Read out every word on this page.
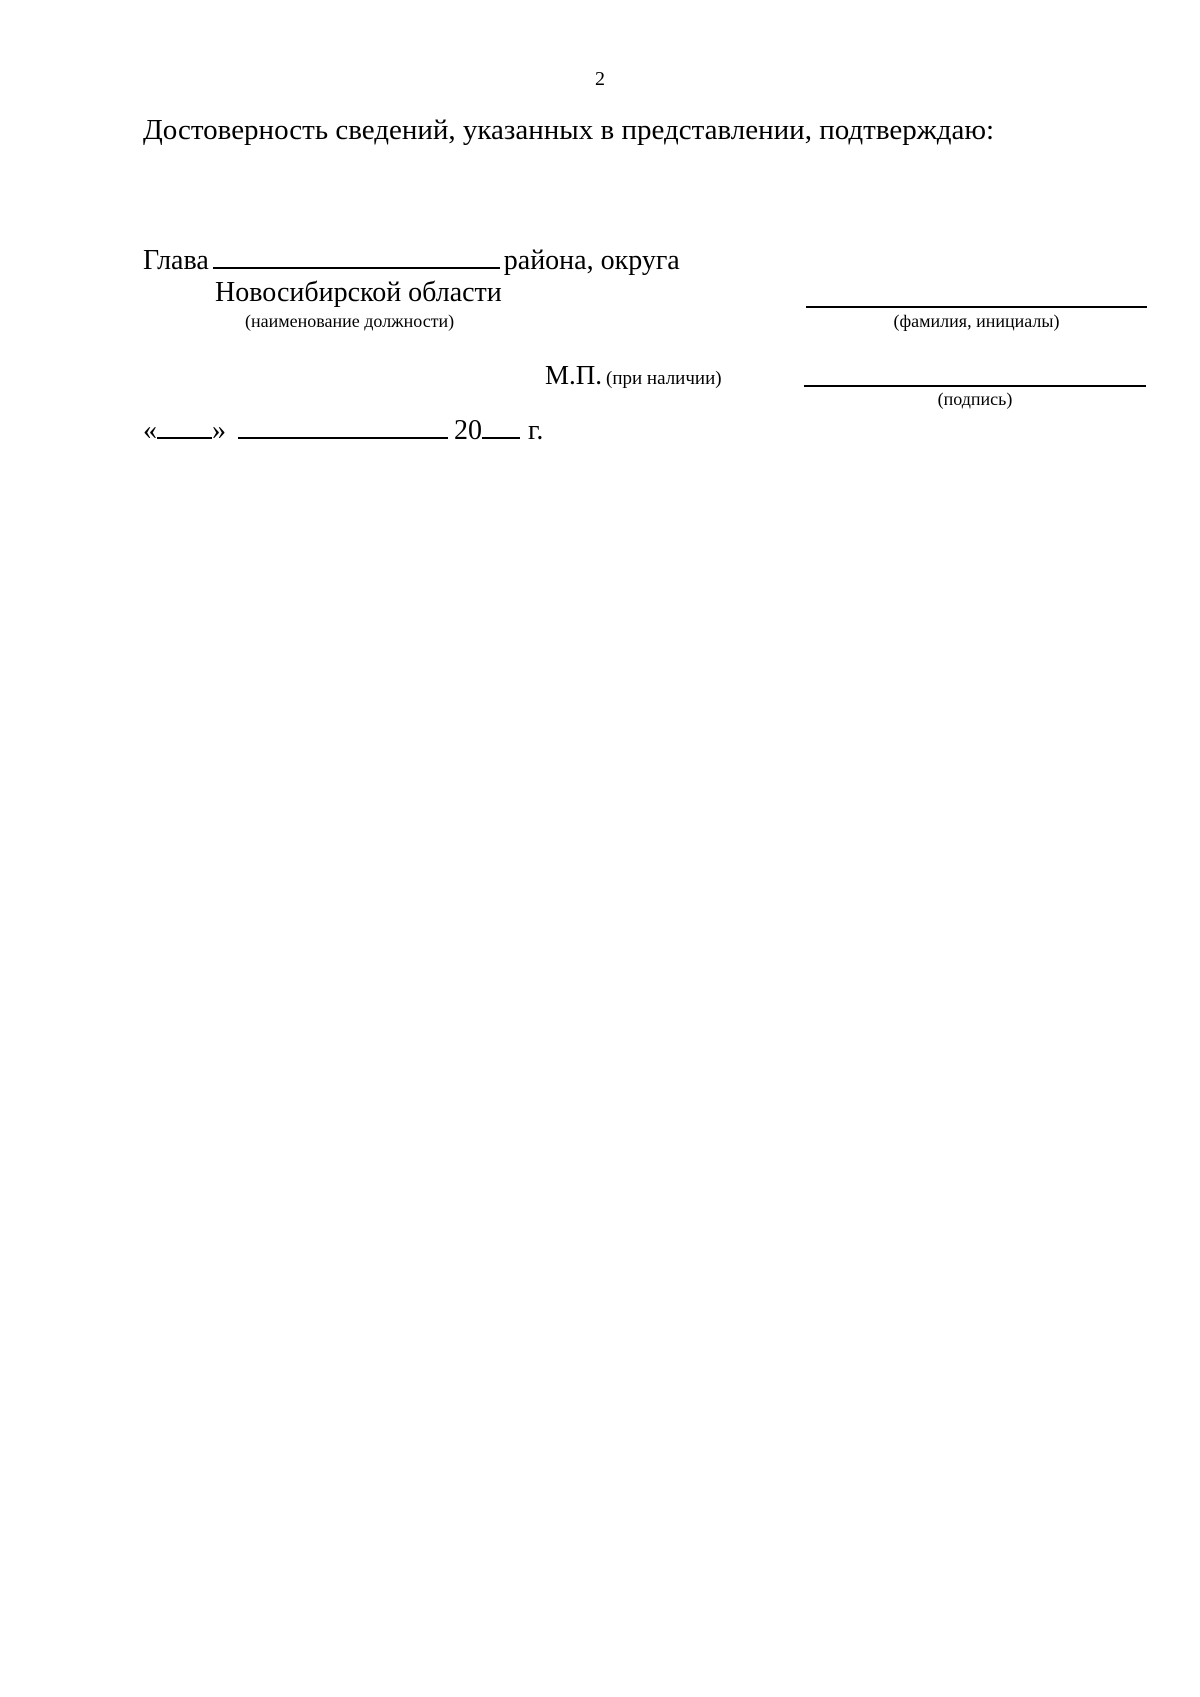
2
Достоверность сведений, указанных в представлении, подтверждаю:
Глава	района, округа
Новосибирской области
(наименование должности)	(фамилия, инициалы)
М.П. (при наличии)
(подпись)
« »	20 г.
